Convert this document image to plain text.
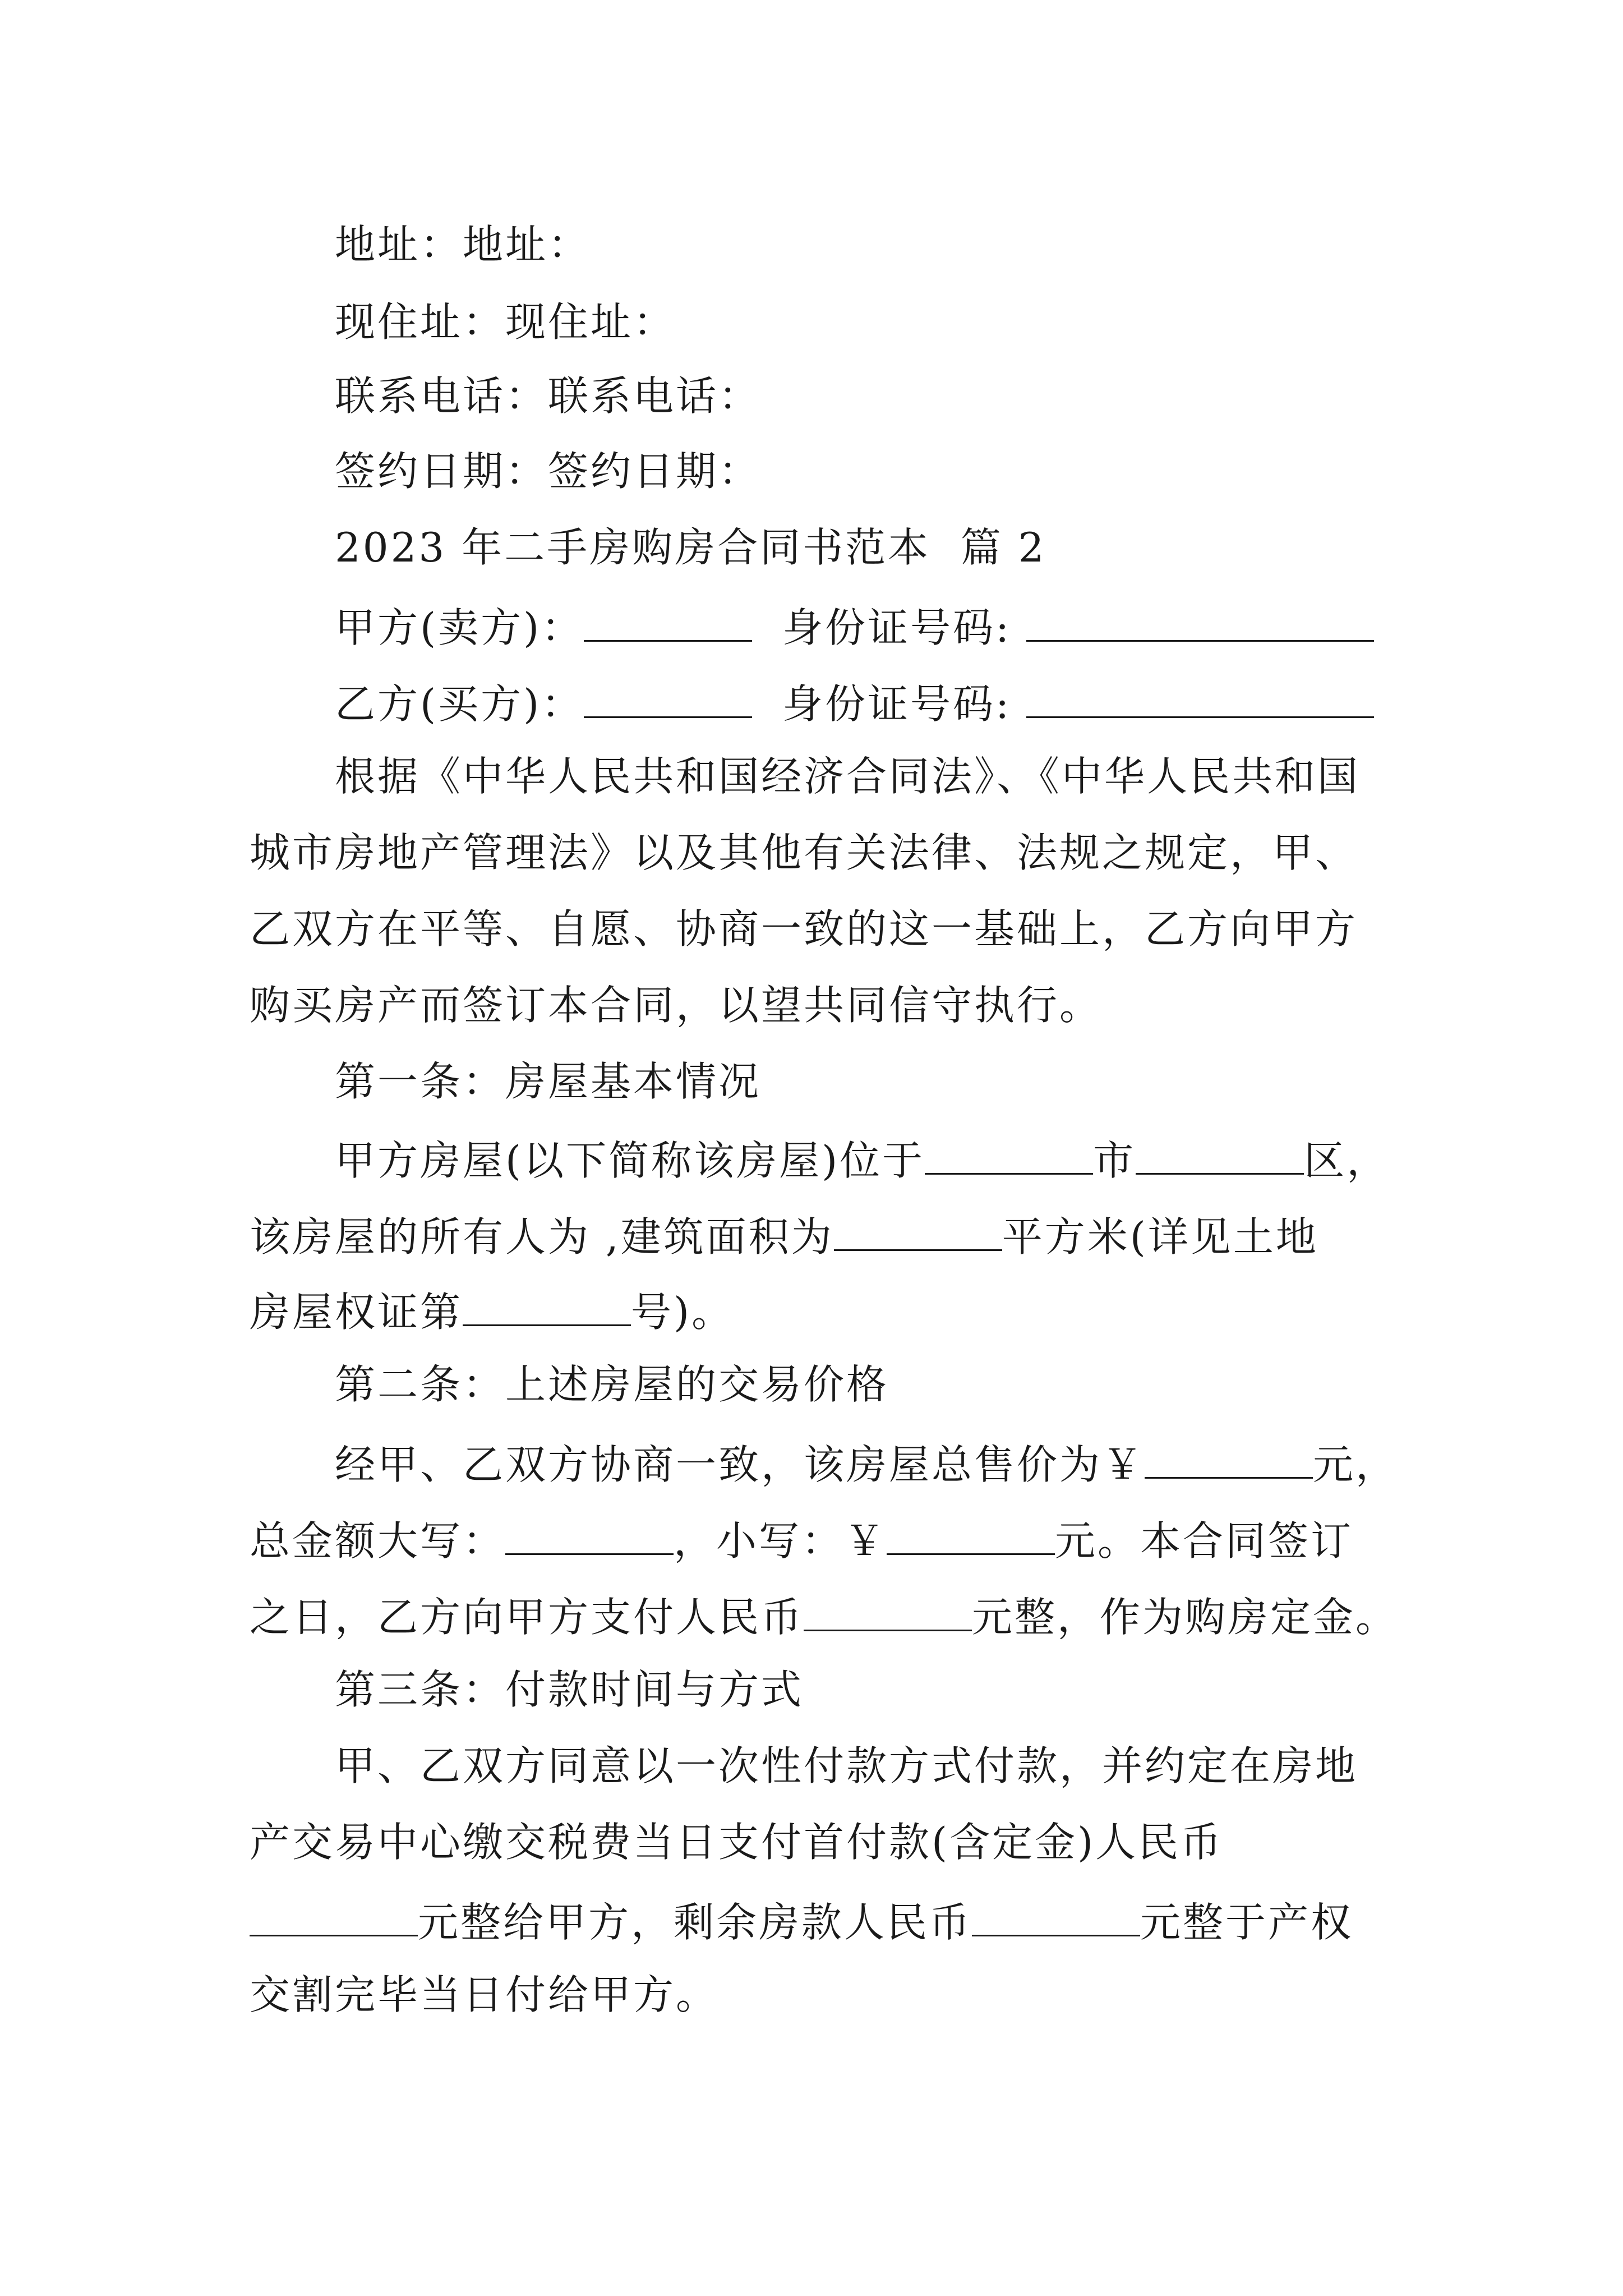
地址：地址：
现住址：现住址：
联系电话：联系电话：
签约日期：签约日期：
2023 年二手房购房合同书范本  篇 2
甲方(卖方)：	身份证号码:
乙方(买方)：	身份证号码:
根据《中华人民共和国经济合同法》、《中华人民共和国
城市房地产管理法》以及其他有关法律、法规之规定，甲、
乙双方在平等、自愿、协商一致的这一基础上，乙方向甲方
购买房产而签订本合同，以望共同信守执行。
第一条：房屋基本情况
甲方房屋(以下简称该房屋)位于	市	区，
该房屋的所有人为 ,建筑面积为	平方米(详见土地
房屋权证第	号)。
第二条：上述房屋的交易价格
经甲、乙双方协商一致，该房屋总售价为￥	元，
总金额大写：	，小写：￥	元。本合同签订
之日，乙方向甲方支付人民币	元整，作为购房定金。
第三条：付款时间与方式
甲、乙双方同意以一次性付款方式付款，并约定在房地
产交易中心缴交税费当日支付首付款(含定金)人民币
元整给甲方，剩余房款人民币	元整于产权
交割完毕当日付给甲方。
